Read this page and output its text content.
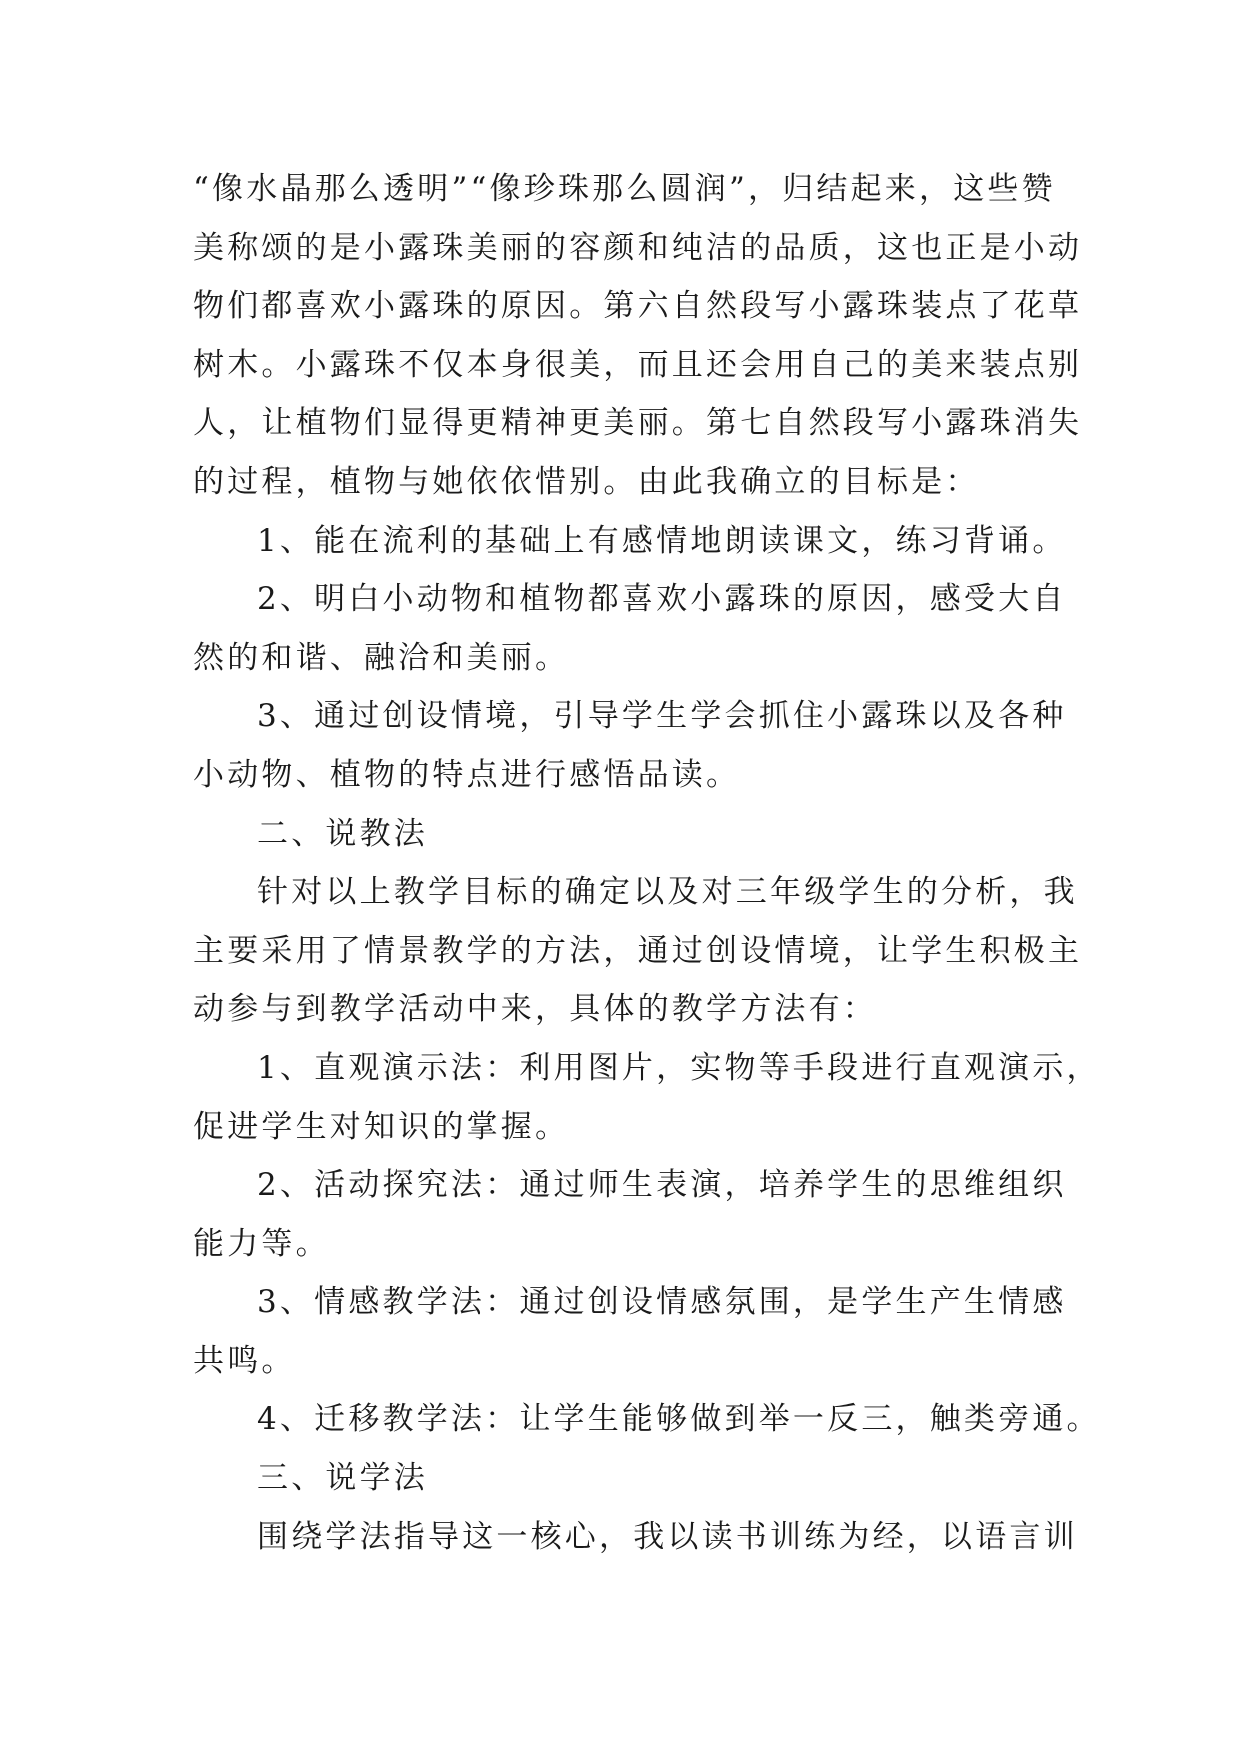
“像水晶那么透明”“像珍珠那么圆润”，归结起来，这些赞
美称颂的是小露珠美丽的容颜和纯洁的品质，这也正是小动
物们都喜欢小露珠的原因。第六自然段写小露珠装点了花草
树木。小露珠不仅本身很美，而且还会用自己的美来装点别
人，让植物们显得更精神更美丽。第七自然段写小露珠消失
的过程，植物与她依依惜别。由此我确立的目标是：
1、能在流利的基础上有感情地朗读课文，练习背诵。
2、明白小动物和植物都喜欢小露珠的原因，感受大自
然的和谐、融洽和美丽。
3、通过创设情境，引导学生学会抓住小露珠以及各种
小动物、植物的特点进行感悟品读。
二、说教法
针对以上教学目标的确定以及对三年级学生的分析，我
主要采用了情景教学的方法，通过创设情境，让学生积极主
动参与到教学活动中来，具体的教学方法有：
1、直观演示法：利用图片，实物等手段进行直观演示，
促进学生对知识的掌握。
2、活动探究法：通过师生表演，培养学生的思维组织
能力等。
3、情感教学法：通过创设情感氛围，是学生产生情感
共鸣。
4、迁移教学法：让学生能够做到举一反三，触类旁通。
三、说学法
围绕学法指导这一核心，我以读书训练为经，以语言训
